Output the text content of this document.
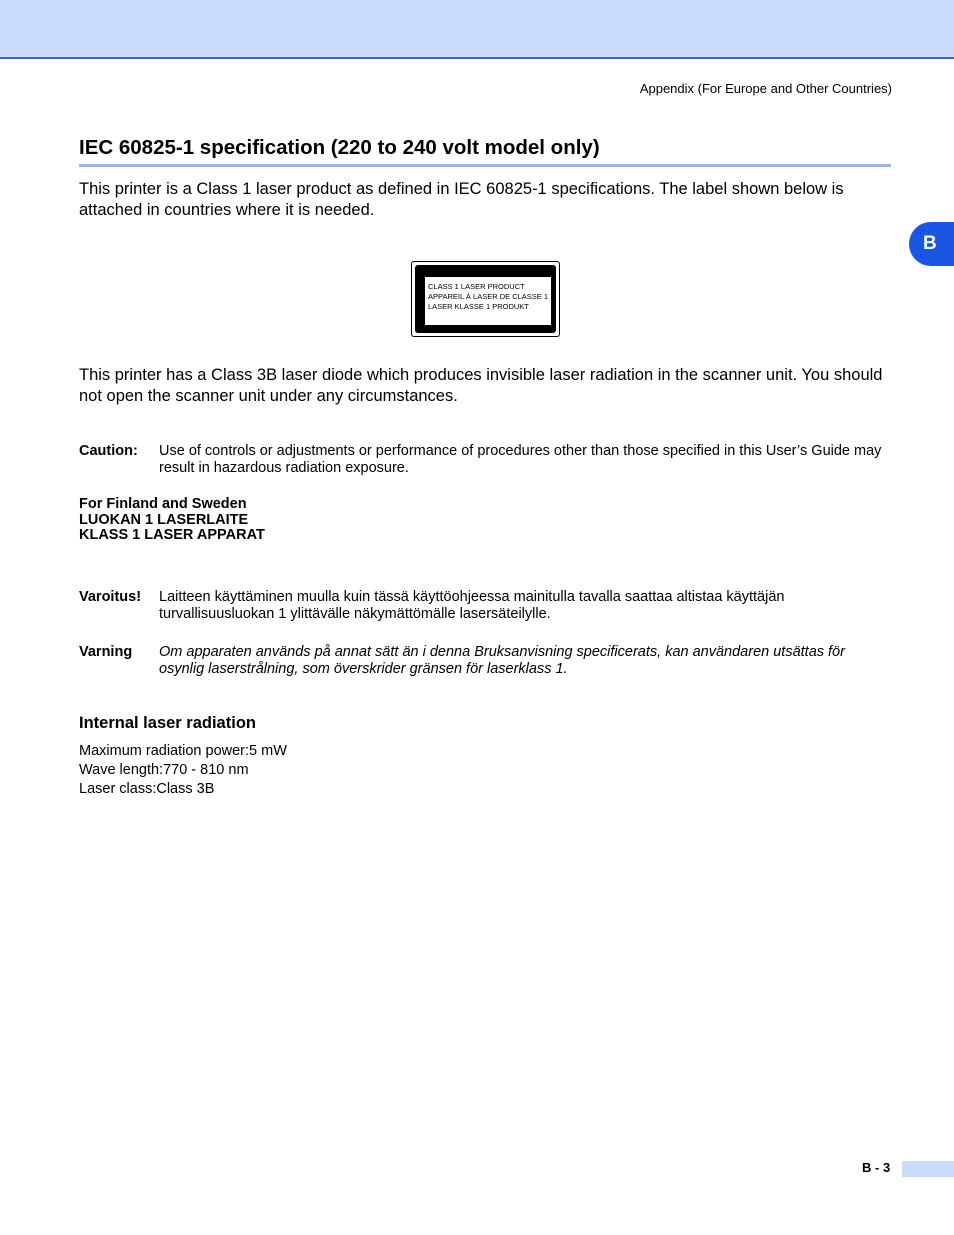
Appendix (For Europe and Other Countries)
B
IEC 60825-1 specification (220 to 240 volt model only)

This printer is a Class 1 laser product as defined in IEC 60825-1 specifications. The label shown below is attached in countries where it is needed.

CLASS 1 LASER PRODUCT
APPAREIL À LASER DE CLASSE 1
LASER KLASSE 1 PRODUKT

This printer has a Class 3B laser diode which produces invisible laser radiation in the scanner unit. You should not open the scanner unit under any circumstances.

Caution: Use of controls or adjustments or performance of procedures other than those specified in this User’s Guide may result in hazardous radiation exposure.
For Finland and Sweden
LUOKAN 1 LASERLAITE
KLASS 1 LASER APPARAT
Varoitus! Laitteen käyttäminen muulla kuin tässä käyttöohjeessa mainitulla tavalla saattaa altistaa käyttäjän turvallisuusluokan 1 ylittävälle näkymättömälle lasersäteilylle.
Varning Om apparaten används på annat sätt än i denna Bruksanvisning specificerats, kan användaren utsättas för osynlig laserstrålning, som överskrider gränsen för laserklass 1.
Internal laser radiation
Maximum radiation power:5 mW
Wave length:770 - 810 nm
Laser class:Class 3B
B - 3
